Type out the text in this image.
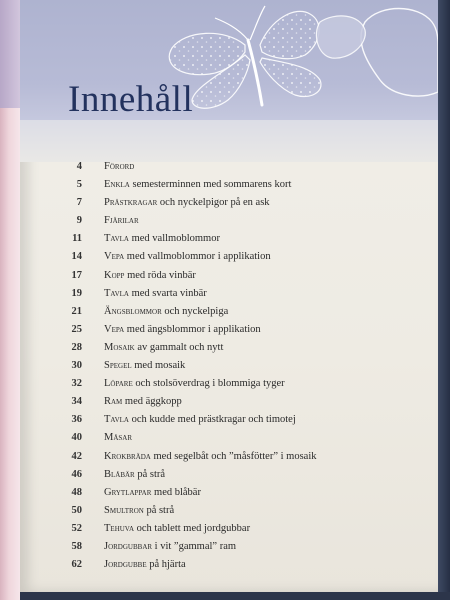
Innehåll
4 Förord
5 Enkla semesterminnen med sommarens kort
7 Prästkragar och nyckelpigor på en ask
9 Fjärilar
11 Tavla med vallmoblommor
14 Vepa med vallmoblommor i applikation
17 Kopp med röda vinbär
19 Tavla med svarta vinbär
21 Ängsblommor och nyckelpiga
25 Vepa med ängsblommor i applikation
28 Mosaik av gammalt och nytt
30 Spegel med mosaik
32 Löpare och stolsöverdrag i blommiga tyger
34 Ram med äggkopp
36 Tavla och kudde med prästkragar och timotej
40 Måsar
42 Krokbräda med segelbåt och ”måsfötter” i mosaik
46 Blåbär på strå
48 Grytlappar med blåbär
50 Smultron på strå
52 Tehuva och tablett med jordgubbar
58 Jordgubbar i vit ”gammal” ram
62 Jordgubbe på hjärta
